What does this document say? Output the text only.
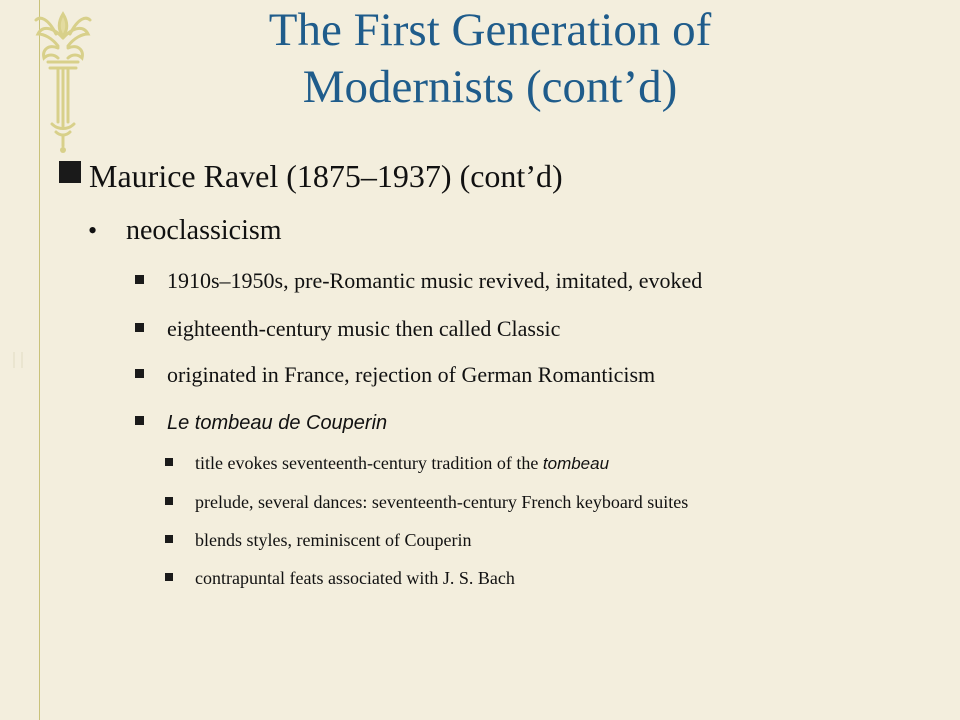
The First Generation of
Modernists (cont’d)
Maurice Ravel (1875–1937) (cont’d)
• neoclassicism
1910s–1950s, pre-Romantic music revived, imitated, evoked
eighteenth-century music then called Classic
originated in France, rejection of German Romanticism
Le tombeau de Couperin
title evokes seventeenth-century tradition of the tombeau
prelude, several dances: seventeenth-century French keyboard suites
blends styles, reminiscent of Couperin
contrapuntal feats associated with J. S. Bach
